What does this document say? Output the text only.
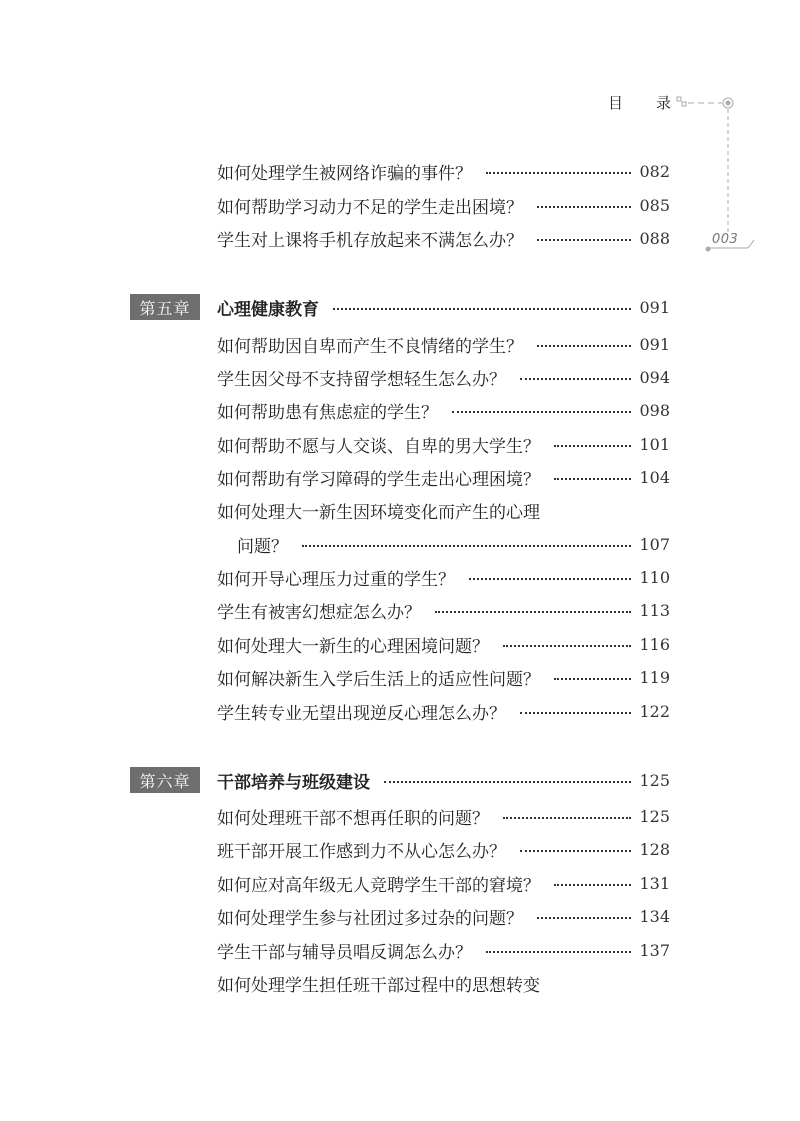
目 录
003
如何处理学生被网络诈骗的事件？	082
如何帮助学习动力不足的学生走出困境？	085
学生对上课将手机存放起来不满怎么办？	088
第五章	心理健康教育	091
如何帮助因自卑而产生不良情绪的学生？	091
学生因父母不支持留学想轻生怎么办？	094
如何帮助患有焦虑症的学生？	098
如何帮助不愿与人交谈、自卑的男大学生？	101
如何帮助有学习障碍的学生走出心理困境？	104
如何处理大一新生因环境变化而产生的心理
问题？	107
如何开导心理压力过重的学生？	110
学生有被害幻想症怎么办？	113
如何处理大一新生的心理困境问题？	116
如何解决新生入学后生活上的适应性问题？	119
学生转专业无望出现逆反心理怎么办？	122
第六章	干部培养与班级建设	125
如何处理班干部不想再任职的问题？	125
班干部开展工作感到力不从心怎么办？	128
如何应对高年级无人竞聘学生干部的窘境？	131
如何处理学生参与社团过多过杂的问题？	134
学生干部与辅导员唱反调怎么办？	137
如何处理学生担任班干部过程中的思想转变
